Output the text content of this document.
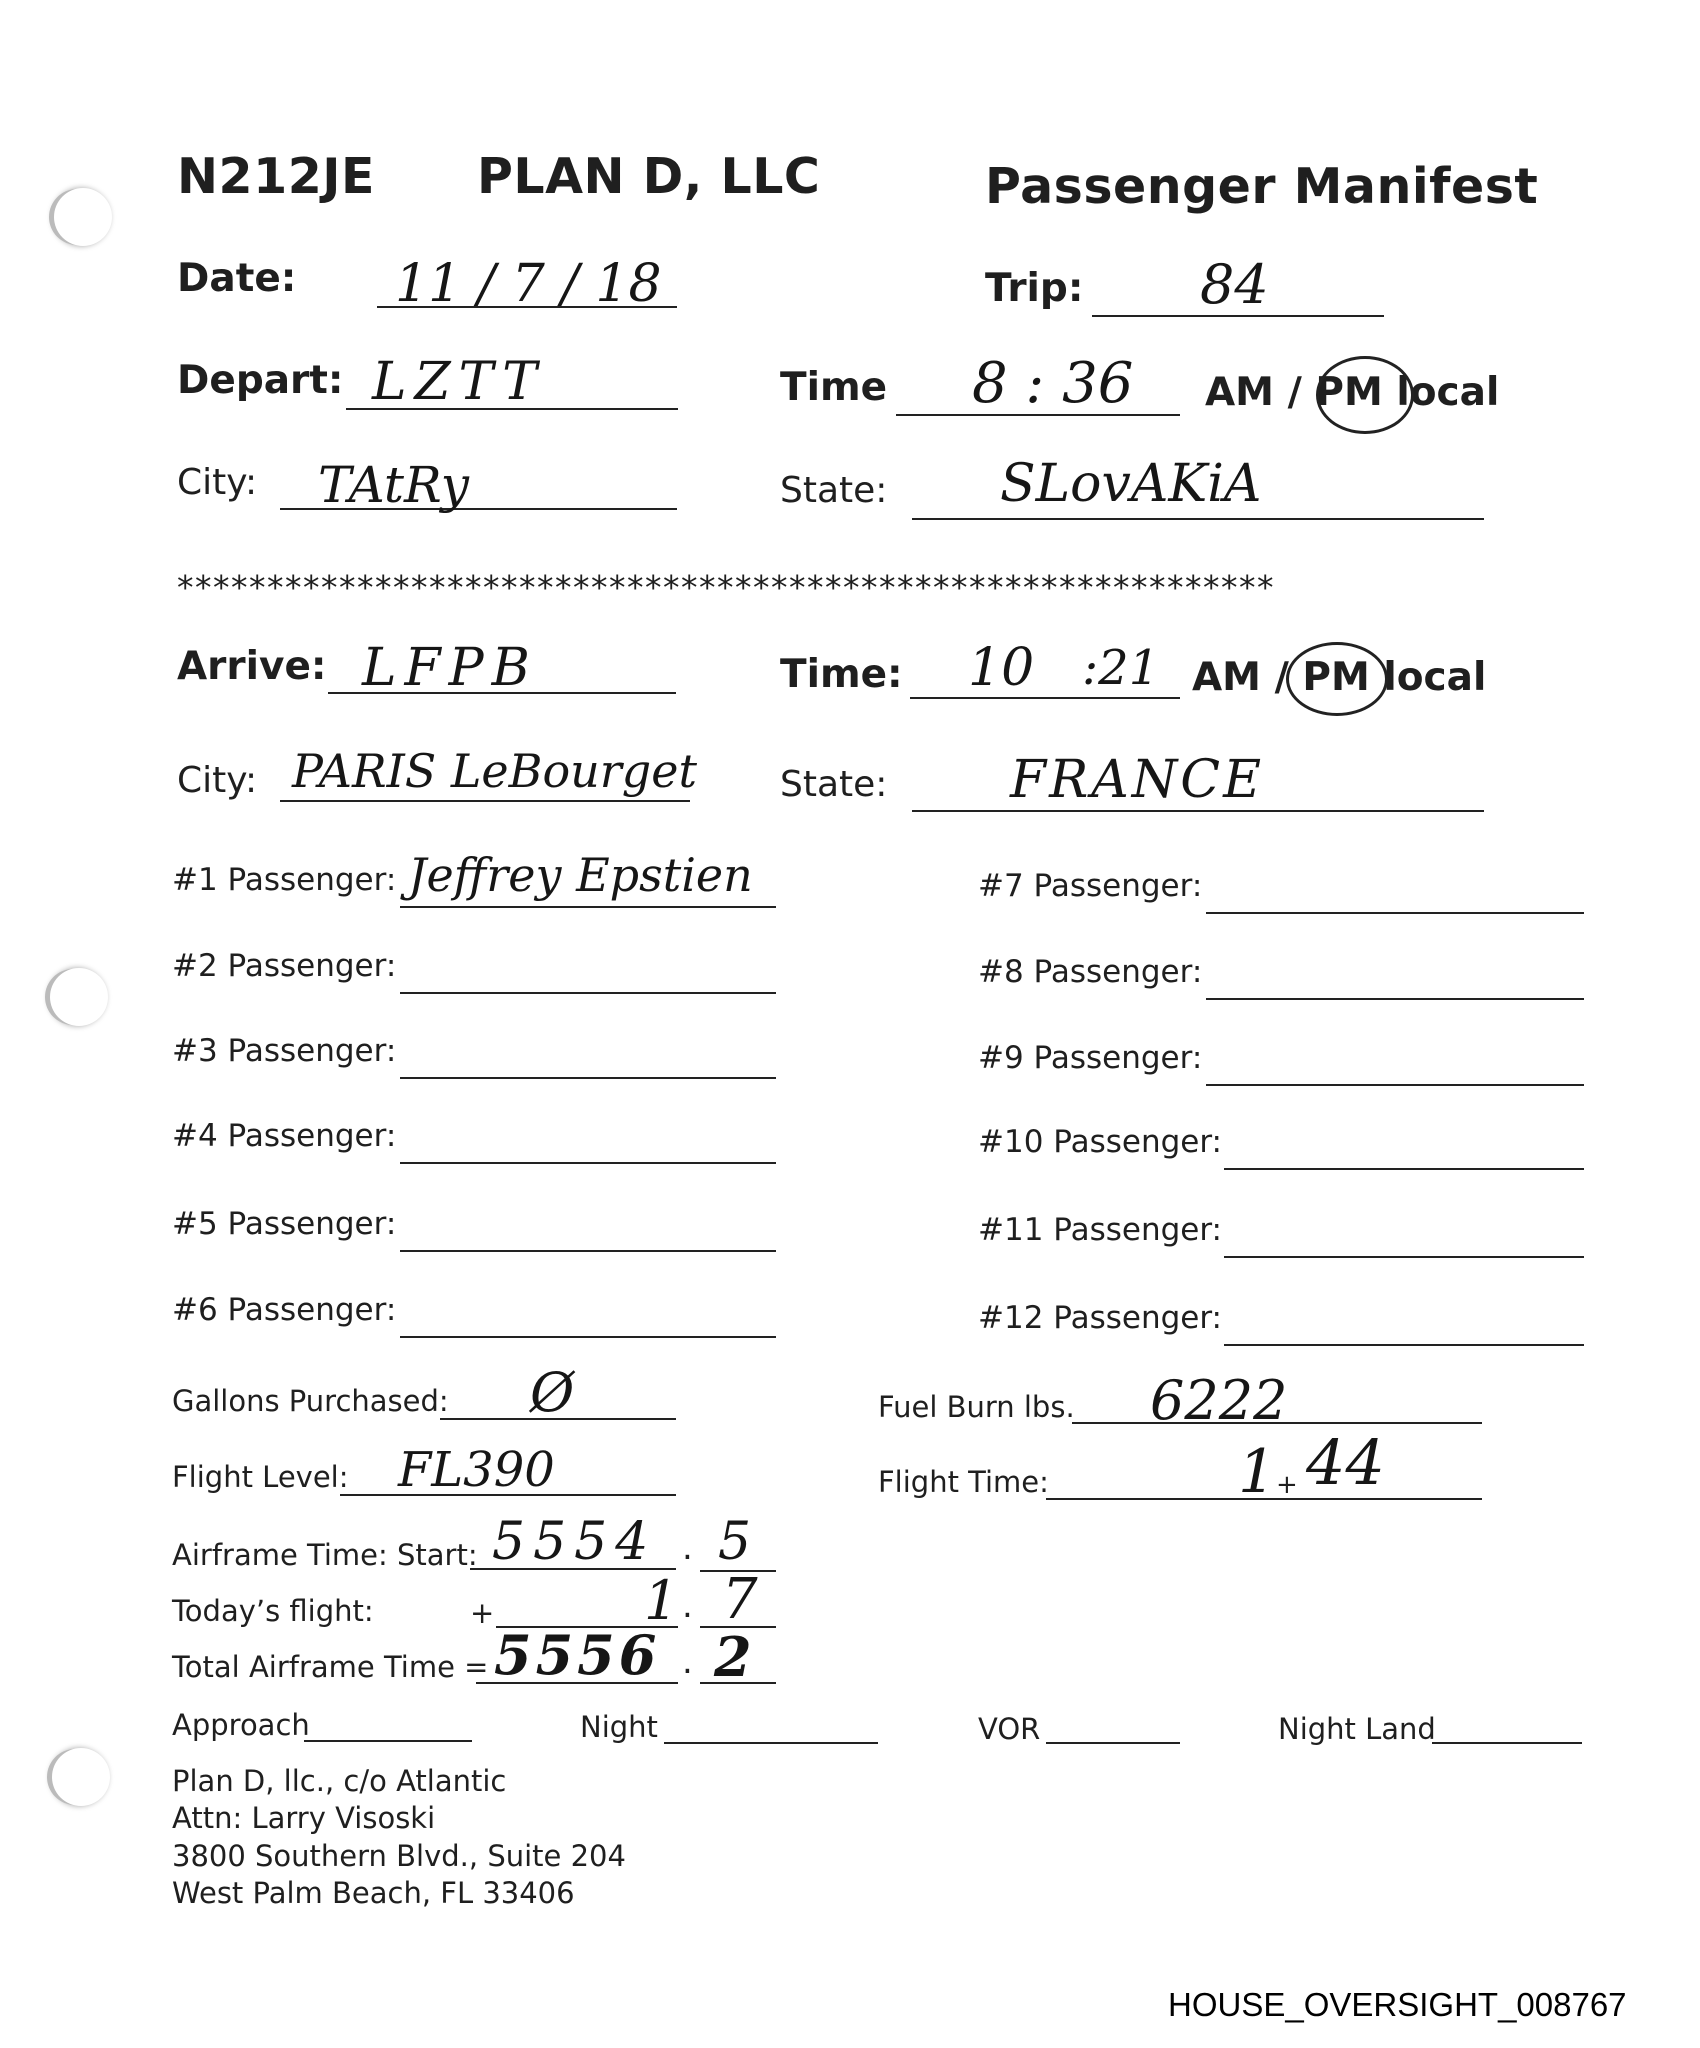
N212JE PLAN D, LLC	Passenger Manifest
Date: 11 / 7 / 18	Trip: 84
Depart: LZTT	Time 8 : 36 AM / PM local
City: TAtRy	State: SLovAKiA
*************************************************************
Arrive: LFPB	Time: 10 :21 AM / PM local
City: PARIS LeBourget State: FRANCE
#1 Passenger: Jeffrey Epstien
#2 Passenger:
#3 Passenger:
#4 Passenger:
#5 Passenger:
#6 Passenger:
#7 Passenger:
#8 Passenger:
#9 Passenger:
#10 Passenger:
#11 Passenger:
#12 Passenger:
Gallons Purchased: Ø	Fuel Burn lbs. 6222
Flight Level: FL390	Flight Time:	1 + 44
Airframe Time: Start: 5554 . 5
Today’s flight:	+	1 . 7
Total Airframe Time = 5556 . 2
Approach	Night	VOR	Night Land
Plan D, llc., c/o Atlantic
Attn: Larry Visoski
3800 Southern Blvd., Suite 204
West Palm Beach, FL 33406
HOUSE_OVERSIGHT_008767
